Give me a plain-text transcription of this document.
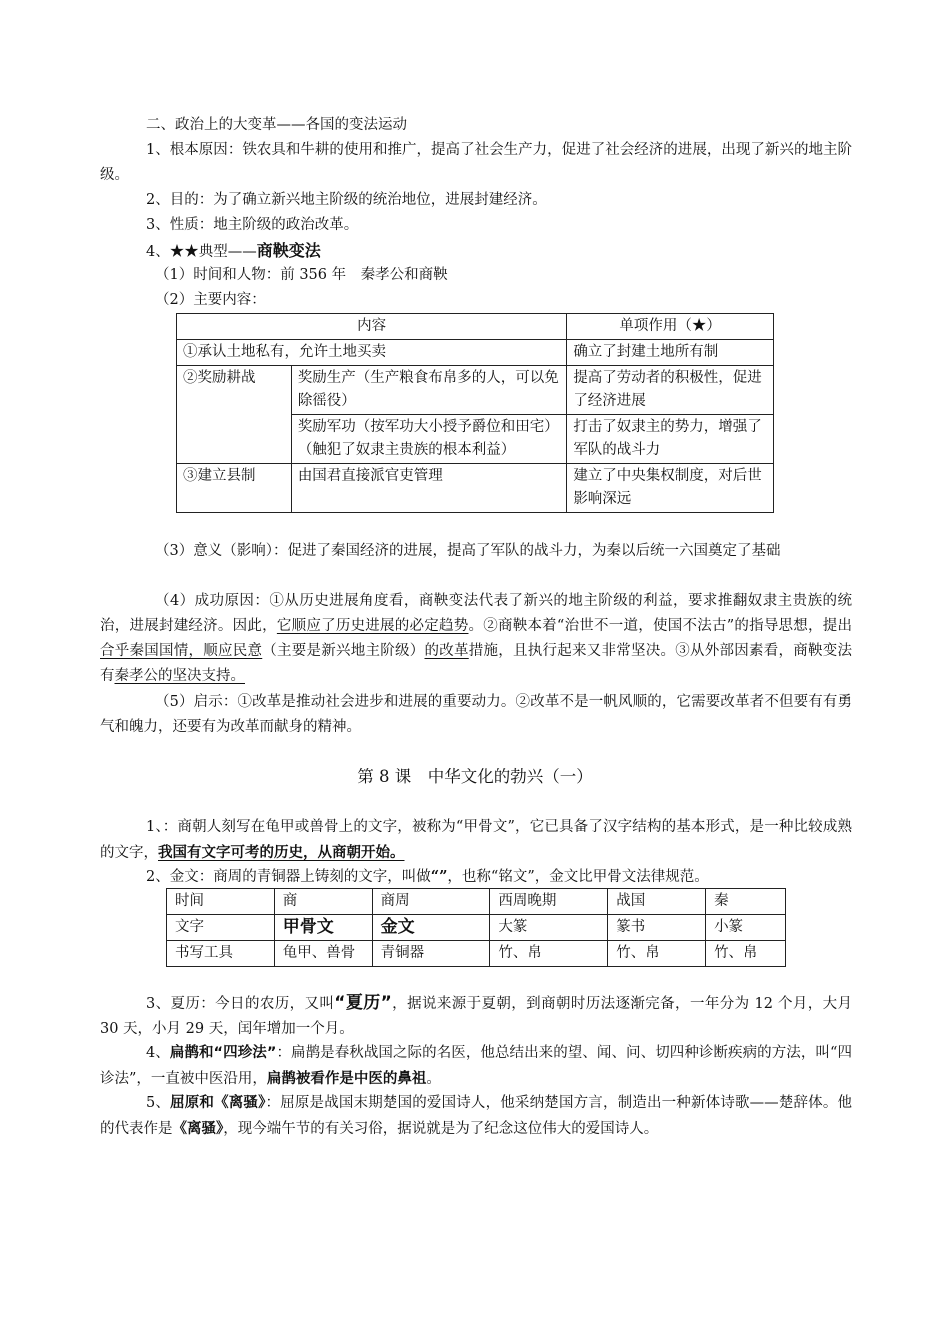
二、政治上的大变革——各国的变法运动

1、根本原因：铁农具和牛耕的使用和推广，提高了社会生产力，促进了社会经济的进展，出现了新兴的地主阶级。

2、目的：为了确立新兴地主阶级的统治地位，进展封建经济。

3、性质：地主阶级的政治改革。

4、★★典型——商鞅变法

（1）时间和人物：前 356 年　秦孝公和商鞅

（2）主要内容：

内容		单项作用（★）
①承认土地私有，允许土地买卖		确立了封建土地所有制
②奖励耕战	奖励生产（生产粮食布帛多的人，可以免除徭役）	提高了劳动者的积极性，促进了经济进展
	奖励军功（按军功大小授予爵位和田宅）（触犯了奴隶主贵族的根本利益）	打击了奴隶主的势力，增强了军队的战斗力
③建立县制	由国君直接派官吏管理	建立了中央集权制度，对后世影响深远

（3）意义（影响）：促进了秦国经济的进展，提高了军队的战斗力，为秦以后统一六国奠定了基础

（4）成功原因：①从历史进展角度看，商鞅变法代表了新兴的地主阶级的利益，要求推翻奴隶主贵族的统治，进展封建经济。因此，它顺应了历史进展的必定趋势。②商鞅本着“治世不一道，使国不法古”的指导思想，提出合乎秦国国情，顺应民意（主要是新兴地主阶级）的改革措施，且执行起来又非常坚决。③从外部因素看，商鞅变法有秦孝公的坚决支持。

（5）启示：①改革是推动社会进步和进展的重要动力。②改革不是一帆风顺的，它需要改革者不但要有有勇气和魄力，还要有为改革而献身的精神。

第 8 课　中华文化的勃兴（一）

1、：商朝人刻写在龟甲或兽骨上的文字，被称为“甲骨文”，它已具备了汉字结构的基本形式，是一种比较成熟的文字，我国有文字可考的历史，从商朝开始。

2、金文：商周的青铜器上铸刻的文字，叫做“”，也称“铭文”，金文比甲骨文法律规范。

时间	商	商周	西周晚期	战国	秦
文字	甲骨文	金文	大篆	篆书	小篆
书写工具	龟甲、兽骨	青铜器	竹、帛	竹、帛	竹、帛

3、夏历：今日的农历，又叫“夏历”，据说来源于夏朝，到商朝时历法逐渐完备，一年分为 12 个月，大月 30 天，小月 29 天，闰年增加一个月。

4、扁鹊和“四珍法”：扁鹊是春秋战国之际的名医，他总结出来的望、闻、问、切四种诊断疾病的方法，叫“四诊法”，一直被中医沿用，扁鹊被看作是中医的鼻祖。

5、屈原和《离骚》：屈原是战国末期楚国的爱国诗人，他采纳楚国方言，制造出一种新体诗歌——楚辞体。他的代表作是《离骚》，现今端午节的有关习俗，据说就是为了纪念这位伟大的爱国诗人。
